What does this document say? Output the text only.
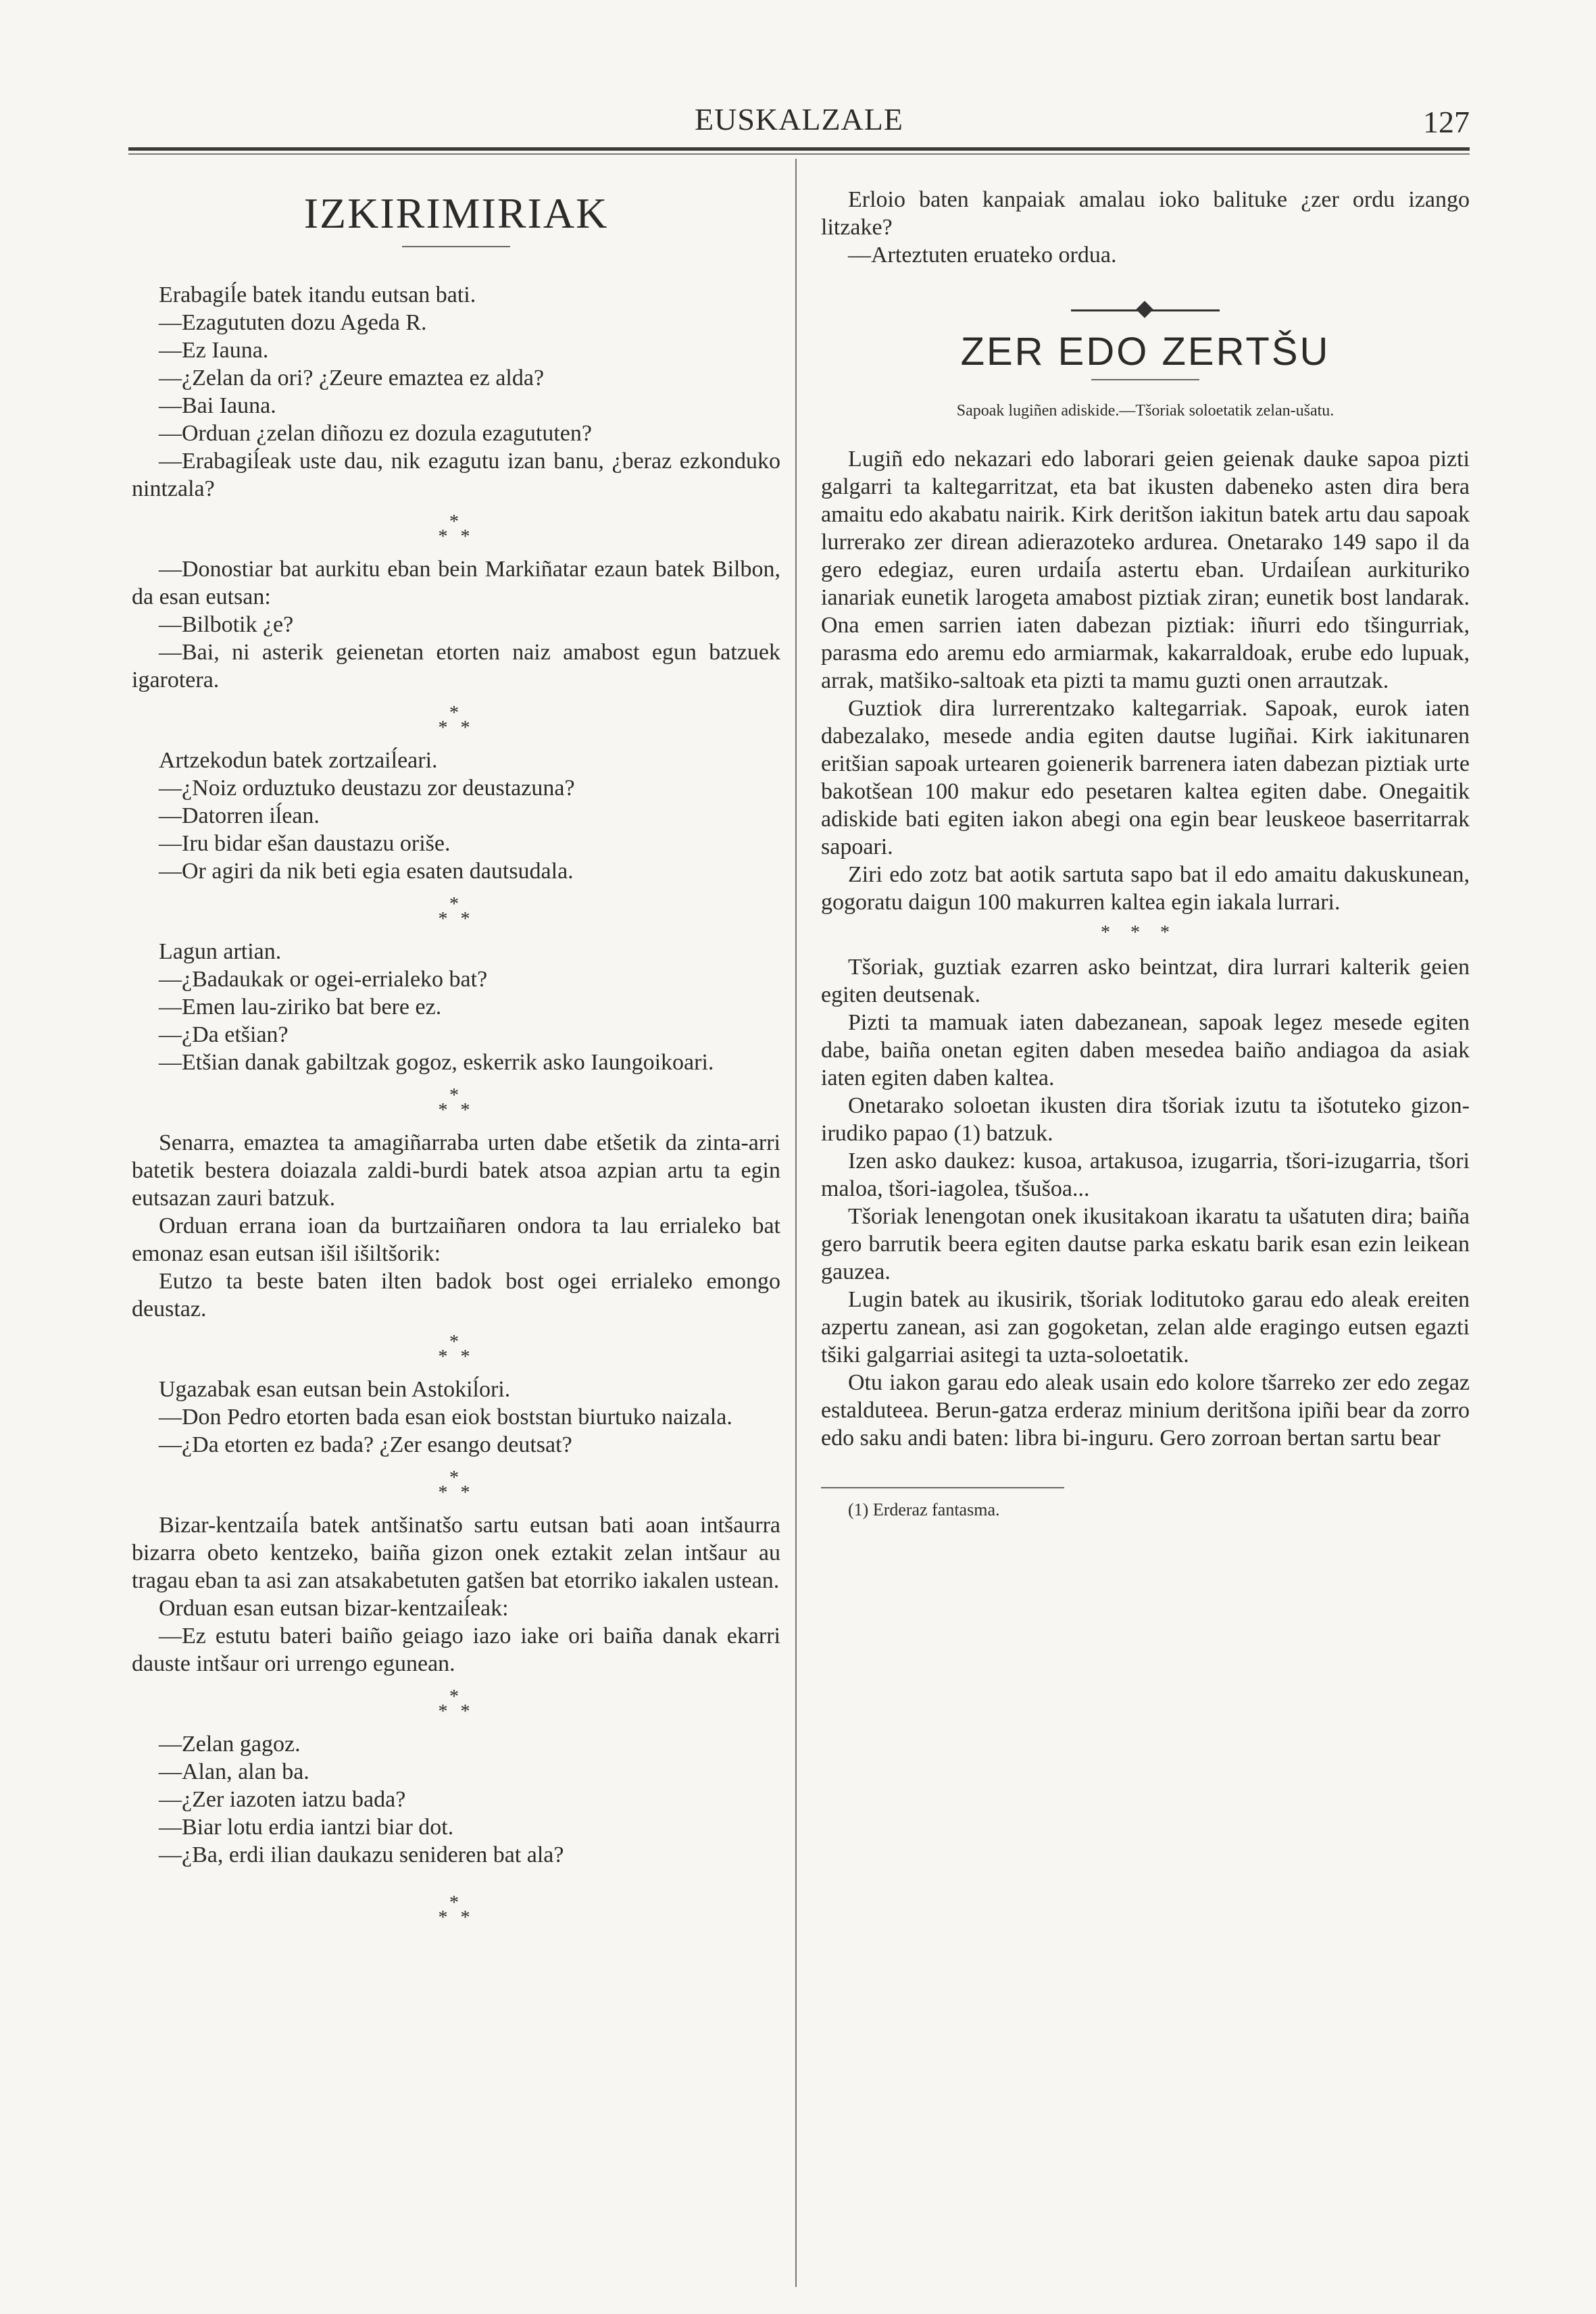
EUSKALZALE	127
IZKIRIMIRIAK

Erabagiĺe batek itandu eutsan bati.

—Ezagututen dozu Ageda R.

—Ez Iauna.

—¿Zelan da ori? ¿Zeure emaztea ez alda?

—Bai Iauna.

—Orduan ¿zelan diñozu ez dozula ezagututen?

—Erabagiĺeak uste dau, nik ezagutu izan banu, ¿beraz ezkonduko nintzala?

*
* *

—Donostiar bat aurkitu eban bein Markiñatar ezaun batek Bilbon, da esan eutsan:

—Bilbotik ¿e?

—Bai, ni asterik geienetan etorten naiz amabost egun batzuek igarotera.

*
* *

Artzekodun batek zortzaiĺeari.

—¿Noiz orduztuko deustazu zor deustazuna?

—Datorren iĺean.

—Iru bidar ešan daustazu oriše.

—Or agiri da nik beti egia esaten dautsudala.

*
* *

Lagun artian.

—¿Badaukak or ogei-errialeko bat?

—Emen lau-ziriko bat bere ez.

—¿Da etšian?

—Etšian danak gabiltzak gogoz, eskerrik asko Iaungoikoari.

*
* *

Senarra, emaztea ta amagiñarraba urten dabe etšetik da zinta-arri batetik bestera doiazala zaldi-burdi batek atsoa azpian artu ta egin eutsazan zauri batzuk.

Orduan errana ioan da burtzaiñaren ondora ta lau errialeko bat emonaz esan eutsan išil išiltšorik:

Eutzo ta beste baten ilten badok bost ogei errialeko emongo deustaz.

*
* *

Ugazabak esan eutsan bein Astokiĺori.

—Don Pedro etorten bada esan eiok boststan biurtuko naizala.

—¿Da etorten ez bada? ¿Zer esango deutsat?

*
* *

Bizar-kentzaiĺa batek antšinatšo sartu eutsan bati aoan intšaurra bizarra obeto kentzeko, baiña gizon onek eztakit zelan intšaur au tragau eban ta asi zan atsakabetuten gatšen bat etorriko iakalen ustean.

Orduan esan eutsan bizar-kentzaiĺeak:

—Ez estutu bateri baiño geiago iazo iake ori baiña danak ekarri dauste intšaur ori urrengo egunean.

*
* *

—Zelan gagoz.

—Alan, alan ba.

—¿Zer iazoten iatzu bada?

—Biar lotu erdia iantzi biar dot.

—¿Ba, erdi ilian daukazu senideren bat ala?

*
* *

Erloio baten kanpaiak amalau ioko balituke ¿zer ordu izango litzake?

—Arteztuten eruateko ordua.

ZER EDO ZERTŠU
Sapoak lugiñen adiskide.—Tšoriak soloetatik zelan-ušatu.

Lugiñ edo nekazari edo laborari geien geienak dauke sapoa pizti galgarri ta kaltegarritzat, eta bat ikusten dabeneko asten dira bera amaitu edo akabatu nairik. Kirk deritšon iakitun batek artu dau sapoak lurrerako zer direan adierazoteko ardurea. Onetarako 149 sapo il da gero edegiaz, euren urdaiĺa astertu eban. Urdaiĺean aurkituriko ianariak eunetik larogeta amabost piztiak ziran; eunetik bost landarak. Ona emen sarrien iaten dabezan piztiak: iñurri edo tšingurriak, parasma edo aremu edo armiarmak, kakarraldoak, erube edo lupuak, arrak, matšiko-saltoak eta pizti ta mamu guzti onen arrautzak.

Guztiok dira lurrerentzako kaltegarriak. Sapoak, eurok iaten dabezalako, mesede andia egiten dautse lugiñai. Kirk iakitunaren eritšian sapoak urtearen goienerik barrenera iaten dabezan piztiak urte bakotšean 100 makur edo pesetaren kaltea egiten dabe. Onegaitik adiskide bati egiten iakon abegi ona egin bear leuskeoe baserritarrak sapoari.

Ziri edo zotz bat aotik sartuta sapo bat il edo amaitu dakuskunean, gogoratu daigun 100 makurren kaltea egin iakala lurrari.

***

Tšoriak, guztiak ezarren asko beintzat, dira lurrari kalterik geien egiten deutsenak.

Pizti ta mamuak iaten dabezanean, sapoak legez mesede egiten dabe, baiña onetan egiten daben mesedea baiño andiagoa da asiak iaten egiten daben kaltea.

Onetarako soloetan ikusten dira tšoriak izutu ta išotuteko gizon-irudiko papao (1) batzuk.

Izen asko daukez: kusoa, artakusoa, izugarria, tšori-izugarria, tšori maloa, tšori-iagolea, tšušoa...

Tšoriak lenengotan onek ikusitakoan ikaratu ta ušatuten dira; baiña gero barrutik beera egiten dautse parka eskatu barik esan ezin leikean gauzea.

Lugin batek au ikusirik, tšoriak loditutoko garau edo aleak ereiten azpertu zanean, asi zan gogoketan, zelan alde eragingo eutsen egazti tšiki galgarriai asitegi ta uzta-soloetatik.

Otu iakon garau edo aleak usain edo kolore tšarreko zer edo zegaz estalduteea. Berun-gatza erderaz minium deritšona ipiñi bear da zorro edo saku andi baten: libra bi-inguru. Gero zorroan bertan sartu bear

(1) Erderaz fantasma.
